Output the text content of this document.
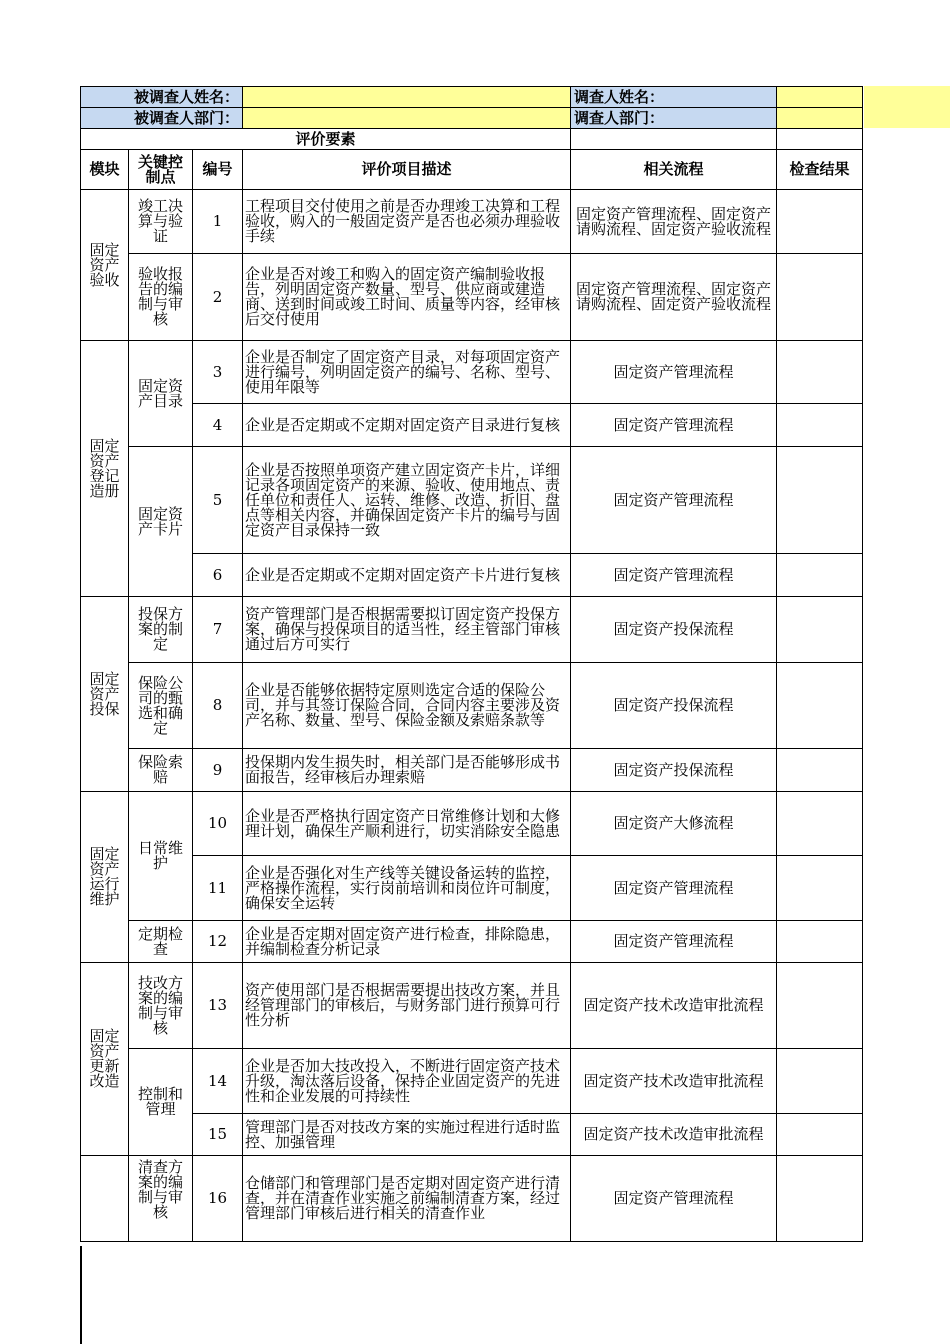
被调查人姓名：				调查人姓名：	
被调查人部门：				调查人部门：	
评价要素					
模块	关键控制点	编号	评价项目描述	相关流程	检查结果
固定资产验收	竣工决算与验证	1	工程项目交付使用之前是否办理竣工决算和工程验收，购入的一般固定资产是否也必须办理验收手续	固定资产管理流程、固定资产请购流程、固定资产验收流程	
	验收报告的编制与审核	2	企业是否对竣工和购入的固定资产编制验收报告，列明固定资产数量、型号、供应商或建造商、送到时间或竣工时间、质量等内容，经审核后交付使用	固定资产管理流程、固定资产请购流程、固定资产验收流程	
固定资产登记造册	固定资产目录	3	企业是否制定了固定资产目录，对每项固定资产进行编号，列明固定资产的编号、名称、型号、使用年限等	固定资产管理流程	
		4	企业是否定期或不定期对固定资产目录进行复核	固定资产管理流程	
	固定资产卡片	5	企业是否按照单项资产建立固定资产卡片，详细记录各项固定资产的来源、验收、使用地点、责任单位和责任人、运转、维修、改造、折旧、盘点等相关内容，并确保固定资产卡片的编号与固定资产目录保持一致	固定资产管理流程	
		6	企业是否定期或不定期对固定资产卡片进行复核	固定资产管理流程	
固定资产投保	投保方案的制定	7	资产管理部门是否根据需要拟订固定资产投保方案，确保与投保项目的适当性，经主管部门审核通过后方可实行	固定资产投保流程	
	保险公司的甄选和确定	8	企业是否能够依据特定原则选定合适的保险公司，并与其签订保险合同，合同内容主要涉及资产名称、数量、型号、保险金额及索赔条款等	固定资产投保流程	
	保险索赔	9	投保期内发生损失时，相关部门是否能够形成书面报告，经审核后办理索赔	固定资产投保流程	
固定资产运行维护	日常维护	10	企业是否严格执行固定资产日常维修计划和大修理计划，确保生产顺利进行，切实消除安全隐患	固定资产大修流程	
		11	企业是否强化对生产线等关键设备运转的监控，严格操作流程，实行岗前培训和岗位许可制度，确保安全运转	固定资产管理流程	
	定期检查	12	企业是否定期对固定资产进行检查，排除隐患，并编制检查分析记录	固定资产管理流程	
固定资产更新改造	技改方案的编制与审核	13	资产使用部门是否根据需要提出技改方案，并且经管理部门的审核后，与财务部门进行预算可行性分析	固定资产技术改造审批流程	
	控制和管理	14	企业是否加大技改投入，不断进行固定资产技术升级，淘汰落后设备，保持企业固定资产的先进性和企业发展的可持续性	固定资产技术改造审批流程	
		15	管理部门是否对技改方案的实施过程进行适时监控、加强管理	固定资产技术改造审批流程	
	清查方案的编制与审核	16	仓储部门和管理部门是否定期对固定资产进行清查，并在清查作业实施之前编制清查方案，经过管理部门审核后进行相关的清查作业	固定资产管理流程	
